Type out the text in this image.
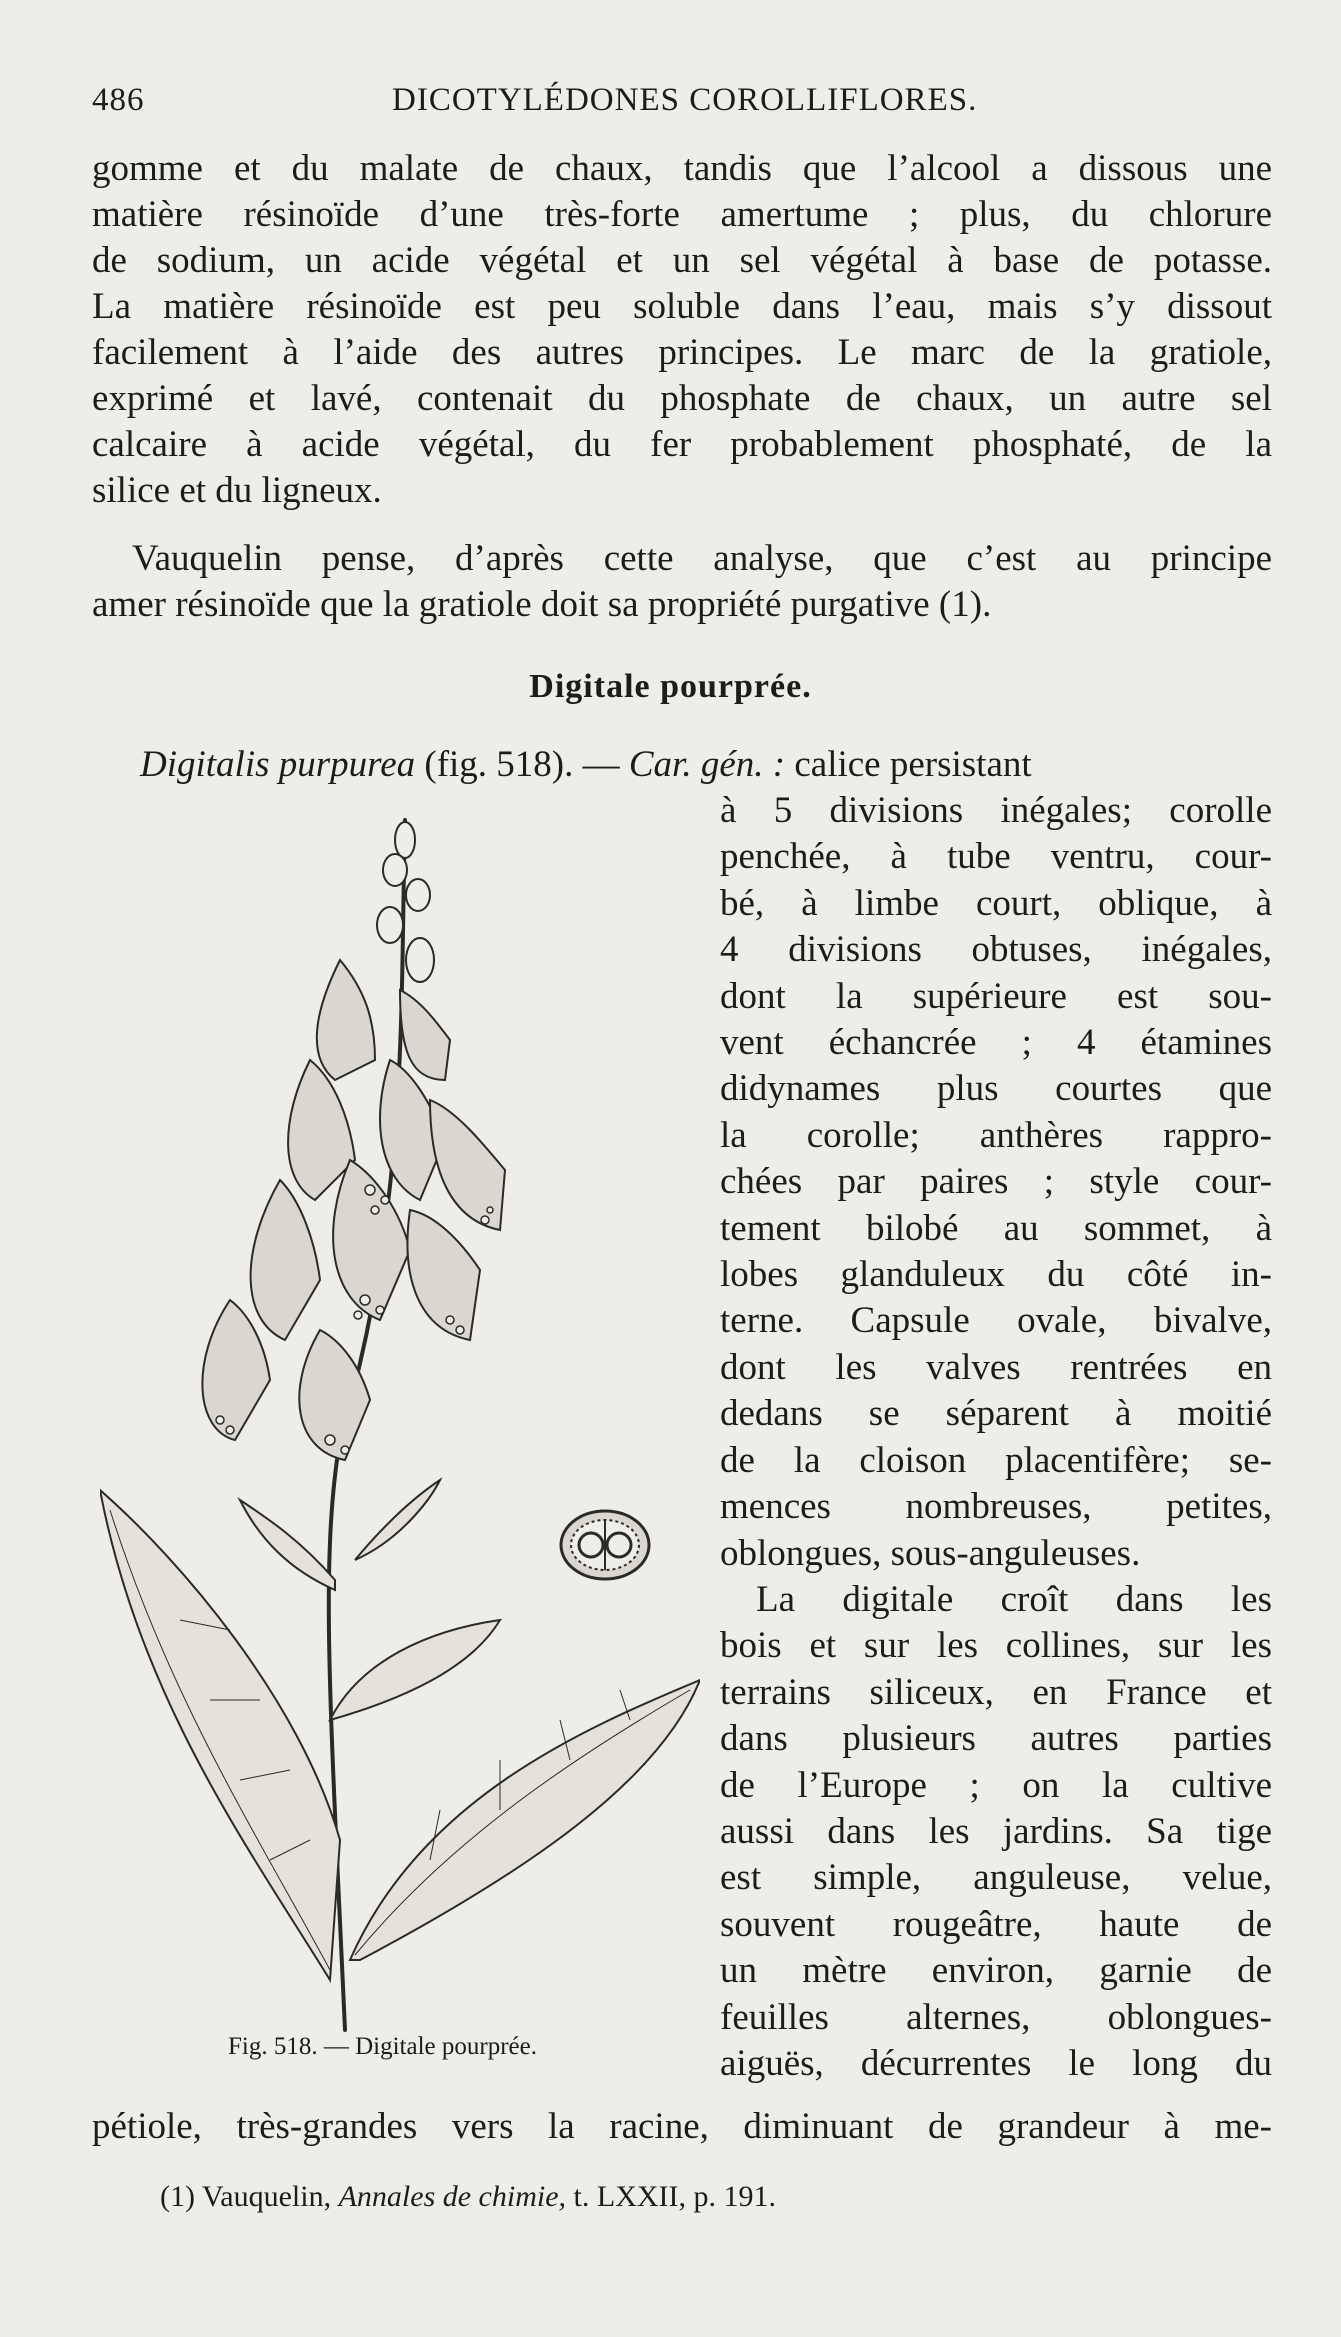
486	DICOTYLÉDONES COROLLIFLORES.
gomme et du malate de chaux, tandis que l’alcool a dissous une
matière résinoïde d’une très-forte amertume ; plus, du chlorure
de sodium, un acide végétal et un sel végétal à base de potasse.
La matière résinoïde est peu soluble dans l’eau, mais s’y dissout
facilement à l’aide des autres principes. Le marc de la gratiole,
exprimé et lavé, contenait du phosphate de chaux, un autre sel
calcaire à acide végétal, du fer probablement phosphaté, de la
silice et du ligneux.
Vauquelin pense, d’après cette analyse, que c’est au principe
amer résinoïde que la gratiole doit sa propriété purgative (1).
Digitale pourprée.
Digitalis purpurea (fig. 518). — Car. gén. : calice persistant
à 5 divisions inégales; corolle
penchée, à tube ventru, cour-
bé, à limbe court, oblique, à
4 divisions obtuses, inégales,
dont la supérieure est sou-
vent échancrée ; 4 étamines
didynames plus courtes que
la corolle; anthères rappro-
chées par paires ; style cour-
tement bilobé au sommet, à
lobes glanduleux du côté in-
terne. Capsule ovale, bivalve,
dont les valves rentrées en
dedans se séparent à moitié
de la cloison placentifère; se-
mences nombreuses, petites,
oblongues, sous-anguleuses.
La digitale croît dans les
bois et sur les collines, sur les
terrains siliceux, en France et
dans plusieurs autres parties
de l’Europe ; on la cultive
aussi dans les jardins. Sa tige
est simple, anguleuse, velue,
souvent rougeâtre, haute de
un mètre environ, garnie de
feuilles alternes, oblongues-
aiguës, décurrentes le long du
Fig. 518. — Digitale pourprée.
pétiole, très-grandes vers la racine, diminuant de grandeur à me-
(1) Vauquelin, Annales de chimie, t. LXXII, p. 191.
